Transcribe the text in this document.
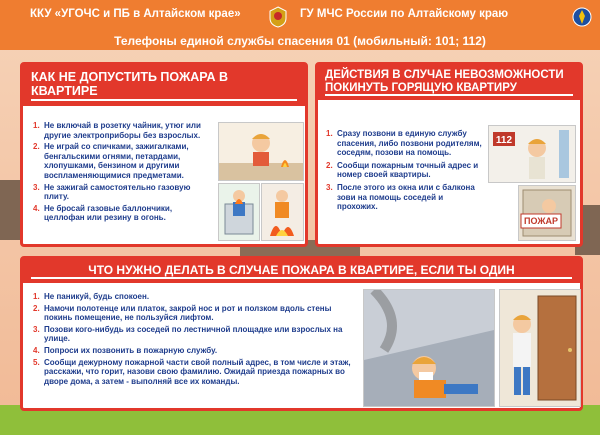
ККУ «УГОЧС и ПБ в Алтайском крае»	ГУ МЧС России по Алтайскому краю
Телефоны единой службы спасения 01 (мобильный: 101; 112)
КАК НЕ ДОПУСТИТЬ ПОЖАРА В КВАРТИРЕ
1. Не включай в розетку чайник, утюг или другие электроприборы без взрослых.
2. Не играй со спичками, зажигалками, бенгальскими огнями, петардами, хлопушками, бензином и другими воспламеняющимися предметами.
3. Не зажигай самостоятельно газовую плиту.
4. Не бросай газовые баллончики, целлофан или резину в огонь.
ДЕЙСТВИЯ В СЛУЧАЕ НЕВОЗМОЖНОСТИ ПОКИНУТЬ ГОРЯЩУЮ КВАРТИРУ
1. Сразу позвони в единую службу спасения, либо позвони родителям, соседям, позови на помощь.
2. Сообщи пожарным точный адрес и номер своей квартиры.
3. После этого из окна или с балкона зови на помощь соседей и прохожих.
112
ПОЖАР
ЧТО НУЖНО ДЕЛАТЬ В СЛУЧАЕ ПОЖАРА В КВАРТИРЕ, ЕСЛИ ТЫ ОДИН
1. Не паникуй, будь спокоен.
2. Намочи полотенце или платок, закрой нос и рот и ползком вдоль стены покинь помещение, не пользуйся лифтом.
3. Позови кого-нибудь из соседей по лестничной площадке или взрослых на улице.
4. Попроси их позвонить в пожарную службу.
5. Сообщи дежурному пожарной части свой полный адрес, в том числе и этаж, расскажи, что горит, назови свою фамилию. Ожидай приезда пожарных во дворе дома, а затем - выполняй все их команды.
